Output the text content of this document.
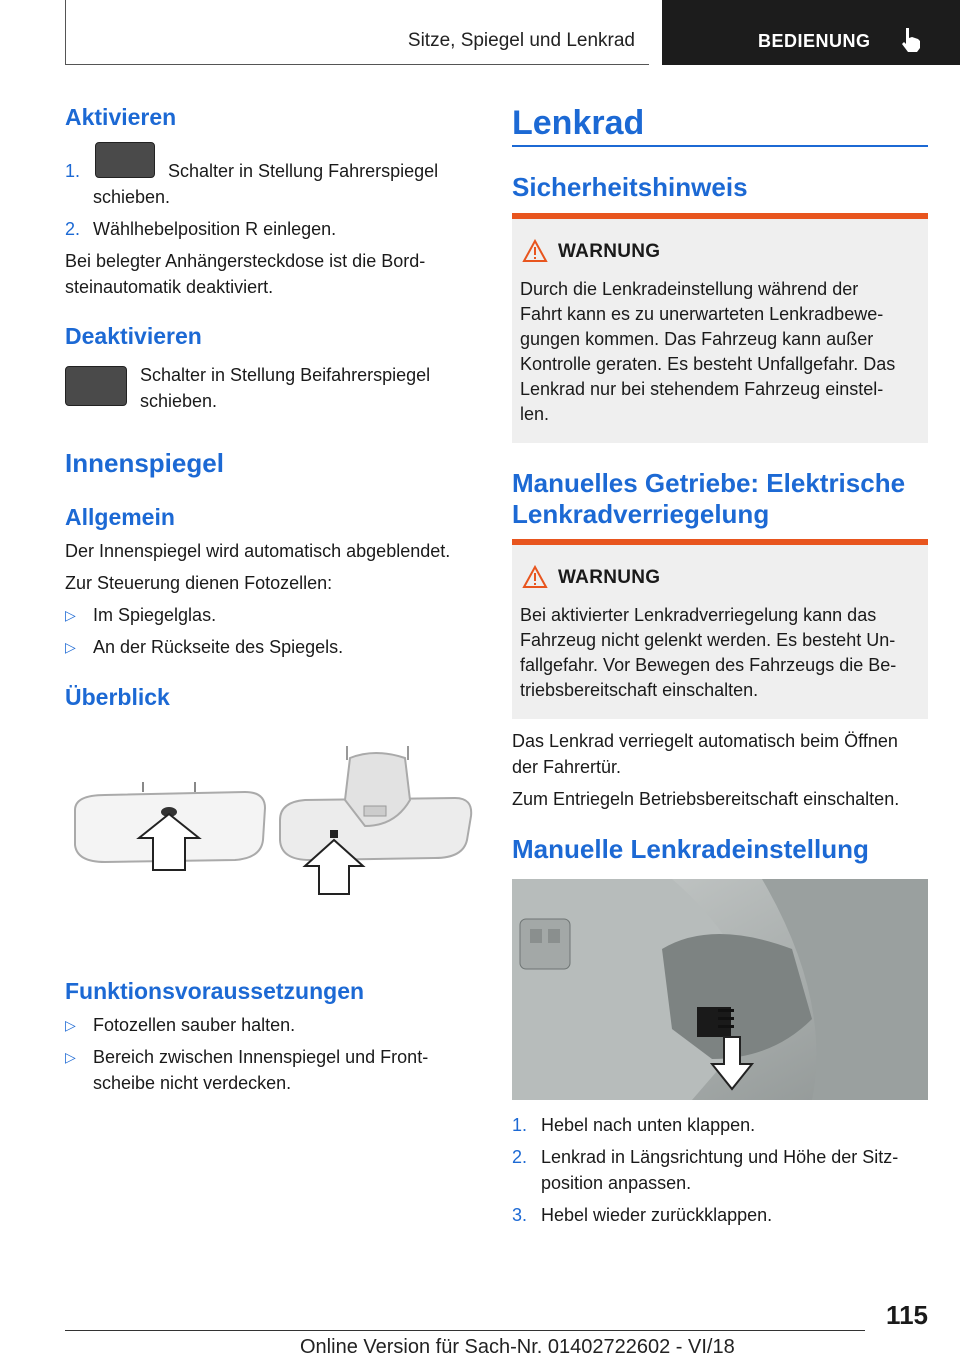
Sitze, Spiegel und Lenkrad	BEDIENUNG
Aktivieren
1.	Schalter in Stellung Fahrerspiegel
schieben.
2. Wählhebelposition R einlegen.
Bei belegter Anhängersteckdose ist die Bord-
steinautomatik deaktiviert.
Deaktivieren
Schalter in Stellung Beifahrerspiegel
schieben.
Innenspiegel
Allgemein
Der Innenspiegel wird automatisch abgeblendet.
Zur Steuerung dienen Fotozellen:
▷ Im Spiegelglas.
▷ An der Rückseite des Spiegels.
Überblick
Funktionsvoraussetzungen
▷ Fotozellen sauber halten.
▷ Bereich zwischen Innenspiegel und Front-
scheibe nicht verdecken.
Lenkrad
Sicherheitshinweis
WARNUNG
Durch die Lenkradeinstellung während der
Fahrt kann es zu unerwarteten Lenkradbewe-
gungen kommen. Das Fahrzeug kann außer
Kontrolle geraten. Es besteht Unfallgefahr. Das
Lenkrad nur bei stehendem Fahrzeug einstel-
len.
Manuelles Getriebe: Elektrische
Lenkradverriegelung
WARNUNG
Bei aktivierter Lenkradverriegelung kann das
Fahrzeug nicht gelenkt werden. Es besteht Un-
fallgefahr. Vor Bewegen des Fahrzeugs die Be-
triebsbereitschaft einschalten.
Das Lenkrad verriegelt automatisch beim Öffnen
der Fahrertür.
Zum Entriegeln Betriebsbereitschaft einschalten.
Manuelle Lenkradeinstellung
1. Hebel nach unten klappen.
2. Lenkrad in Längsrichtung und Höhe der Sitz-
position anpassen.
3. Hebel wieder zurückklappen.
115
Online Version für Sach-Nr. 01402722602 - VI/18
